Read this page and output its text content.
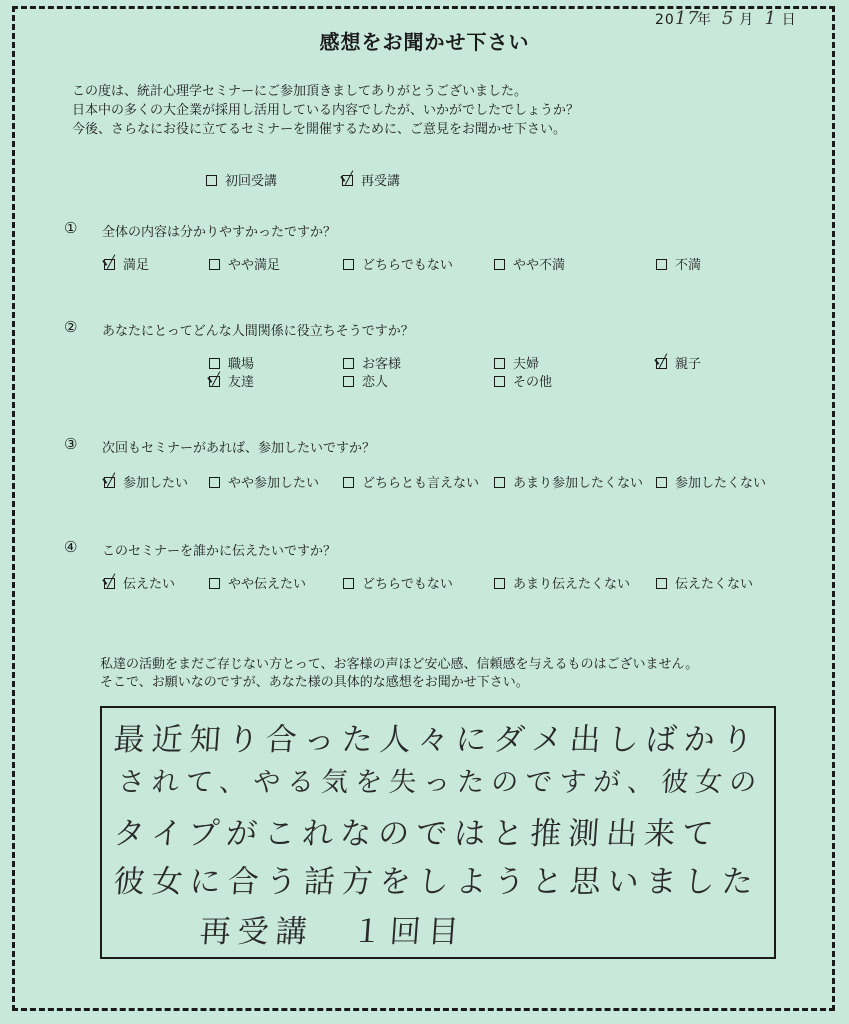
2017年 5 月 1 日
感想をお聞かせ下さい
この度は、統計心理学セミナーにご参加頂きましてありがとうございました。
日本中の多くの大企業が採用し活用している内容でしたが、いかがでしたでしょうか？
今後、さらなにお役に立てるセミナーを開催するために、ご意見をお聞かせ下さい。
初回受講	再受講
① 全体の内容は分かりやすかったですか？
満足	やや満足	どちらでもない	やや不満	不満
② あなたにとってどんな人間関係に役立ちそうですか？
職場	お客様	夫婦	親子
友達	恋人	その他
③ 次回もセミナーがあれば、参加したいですか？
参加したい	やや参加したい	どちらとも言えない	あまり参加したくない	参加したくない
④ このセミナーを誰かに伝えたいですか？
伝えたい	やや伝えたい	どちらでもない	あまり伝えたくない	伝えたくない
私達の活動をまだご存じない方とって、お客様の声ほど安心感、信頼感を与えるものはございません。
そこで、お願いなのですが、あなた様の具体的な感想をお聞かせ下さい。
最近知り合った人々にダメ出しばかり
されて、やる気を失ったのですが、彼女の
タイプがこれなのではと推測出来て
彼女に合う話方をしようと思いました
再受講　１回目
